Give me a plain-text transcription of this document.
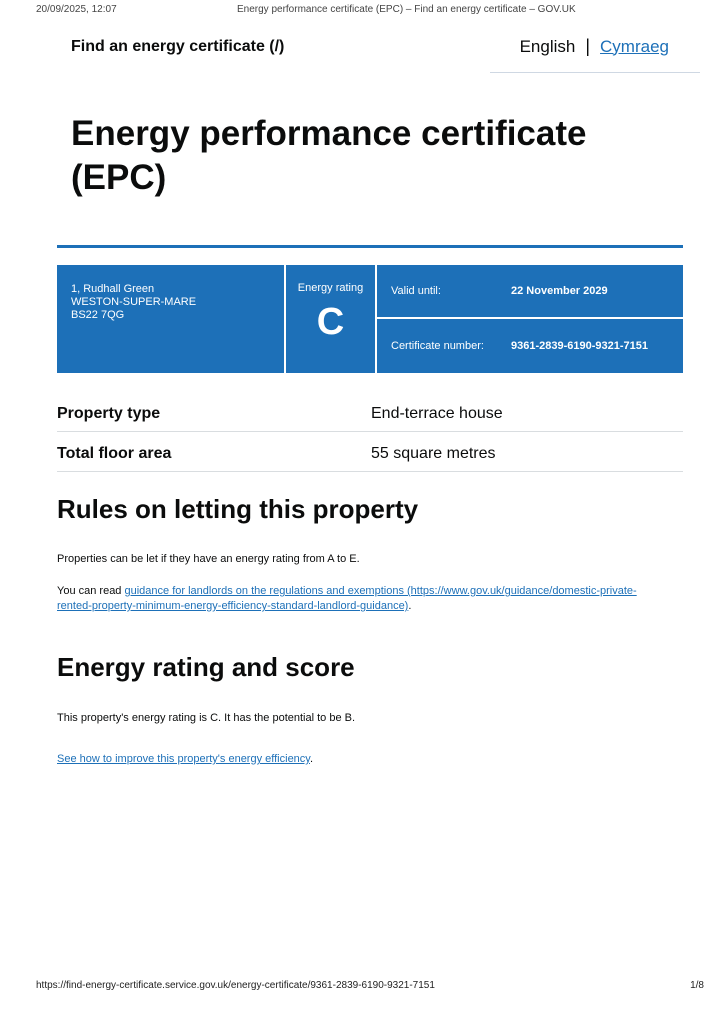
20/09/2025, 12:07	Energy performance certificate (EPC) – Find an energy certificate – GOV.UK
Find an energy certificate (/)	English | Cymraeg
Energy performance certificate (EPC)
1, Rudhall Green
WESTON-SUPER-MARE
BS22 7QG
Energy rating
C
Valid until:	22 November 2029
Certificate number:	9361-2839-6190-9321-7151
Property type	End-terrace house
Total floor area	55 square metres
Rules on letting this property
Properties can be let if they have an energy rating from A to E.
You can read guidance for landlords on the regulations and exemptions (https://www.gov.uk/guidance/domestic-private-rented-property-minimum-energy-efficiency-standard-landlord-guidance).
Energy rating and score
This property's energy rating is C. It has the potential to be B.
See how to improve this property's energy efficiency.
https://find-energy-certificate.service.gov.uk/energy-certificate/9361-2839-6190-9321-7151	1/8
